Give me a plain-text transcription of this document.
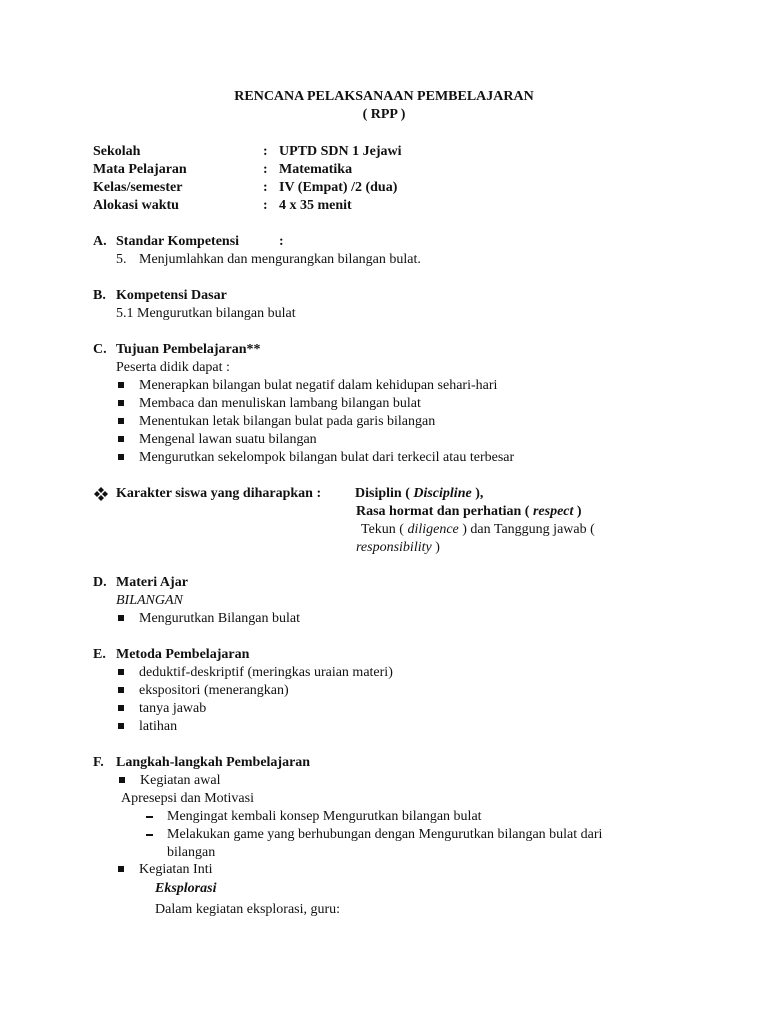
RENCANA PELAKSANAAN PEMBELAJARAN
( RPP )
Sekolah	: UPTD SDN 1 Jejawi
Mata Pelajaran	: Matematika
Kelas/semester	: IV (Empat) /2 (dua)
Alokasi waktu	: 4 x 35 menit
A. Standar Kompetensi	:
5. Menjumlahkan dan mengurangkan bilangan bulat.
B. Kompetensi Dasar
5.1 Mengurutkan bilangan bulat
C. Tujuan Pembelajaran**
Peserta didik dapat :
Menerapkan bilangan bulat negatif dalam kehidupan sehari-hari
Membaca dan menuliskan lambang bilangan bulat
Menentukan letak bilangan bulat pada garis bilangan
Mengenal lawan suatu bilangan
Mengurutkan sekelompok bilangan bulat dari terkecil atau terbesar
Karakter siswa yang diharapkan : Disiplin ( Discipline ),
Rasa hormat dan perhatian ( respect )
Tekun ( diligence ) dan Tanggung jawab (
responsibility )
D. Materi Ajar
BILANGAN
Mengurutkan Bilangan bulat
E. Metoda Pembelajaran
deduktif-deskriptif (meringkas uraian materi)
ekspositori (menerangkan)
tanya jawab
latihan
F. Langkah-langkah Pembelajaran
Kegiatan awal
Apresepsi dan Motivasi
Mengingat kembali konsep Mengurutkan bilangan bulat
Melakukan game yang berhubungan dengan Mengurutkan bilangan bulat dari
bilangan
Kegiatan Inti
Eksplorasi
Dalam kegiatan eksplorasi, guru:
